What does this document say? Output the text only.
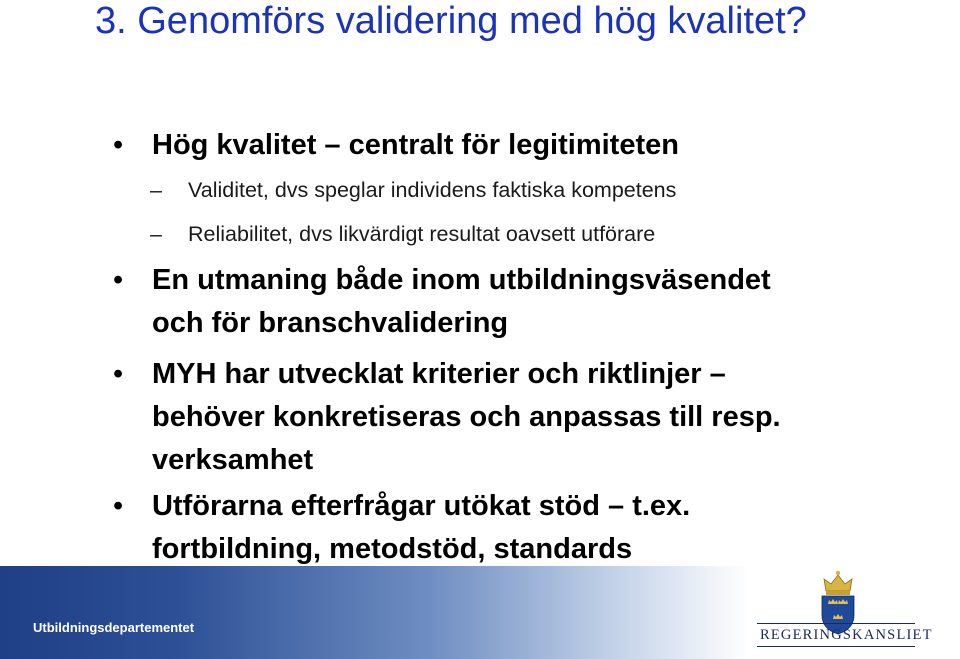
3. Genomförs validering med hög kvalitet?
• Hög kvalitet – centralt för legitimiteten
– Validitet, dvs speglar individens faktiska kompetens
– Reliabilitet, dvs likvärdigt resultat oavsett utförare
• En utmaning både inom utbildningsväsendet
och för branschvalidering
• MYH har utvecklat kriterier och riktlinjer –
behöver konkretiseras och anpassas till resp.
verksamhet
• Utförarna efterfrågar utökat stöd – t.ex.
fortbildning, metodstöd, standards
Utbildningsdepartementet	REGERINGSKANSLIET
